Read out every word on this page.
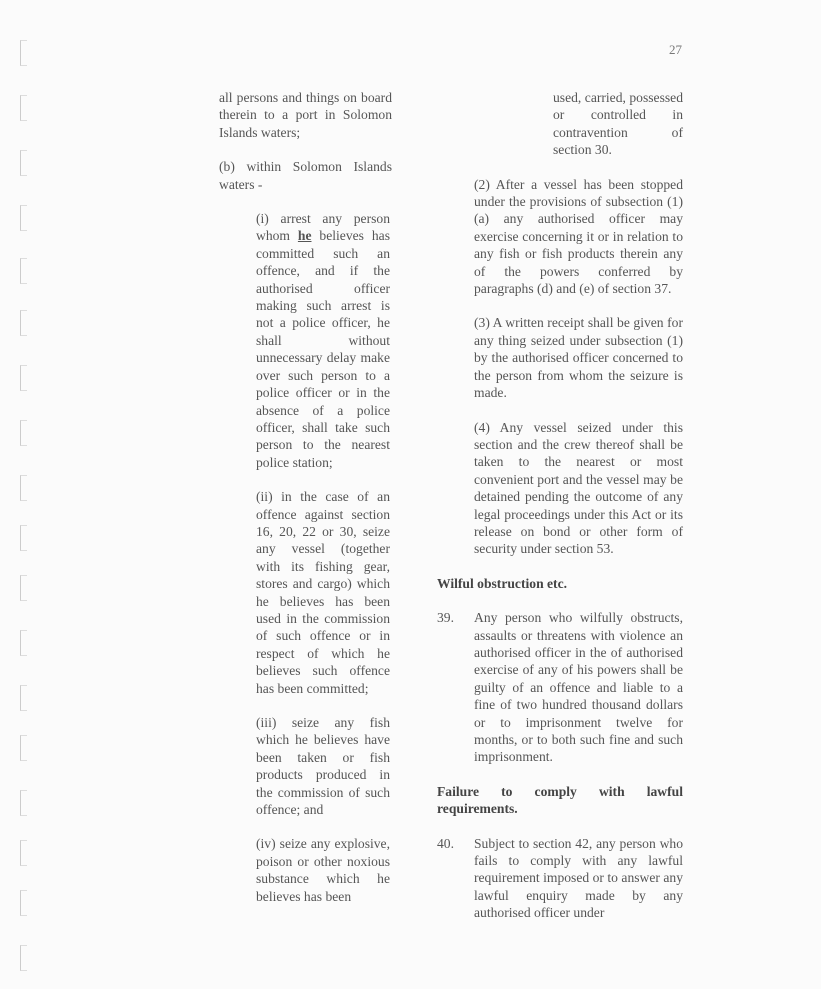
27

all persons and things on board therein to a port in Solomon Islands waters;

(b) within Solomon Islands waters -

(i) arrest any person whom he believes has committed such an offence, and if the authorised officer making such arrest is not a police officer, he shall without unnecessary delay make over such person to a police officer or in the absence of a police officer, shall take such person to the nearest police station;

(ii) in the case of an offence against section 16, 20, 22 or 30, seize any vessel (together with its fishing gear, stores and cargo) which he believes has been used in the commission of such offence or in respect of which he believes such offence has been committed;

(iii) seize any fish which he believes have been taken or fish products produced in the commission of such offence; and

(iv) seize any explosive, poison or other noxious substance which he believes has been

used, carried, possessed or controlled in contravention of section 30.

(2) After a vessel has been stopped under the provisions of subsection (1)(a) any authorised officer may exercise concerning it or in relation to any fish or fish products therein any of the powers conferred by paragraphs (d) and (e) of section 37.

(3) A written receipt shall be given for any thing seized under subsection (1) by the authorised officer concerned to the person from whom the seizure is made.

(4) Any vessel seized under this section and the crew thereof shall be taken to the nearest or most convenient port and the vessel may be detained pending the outcome of any legal proceedings under this Act or its release on bond or other form of security under section 53.

Wilful obstruction etc.

39.	Any person who wilfully obstructs, assaults or threatens with violence an authorised officer in the of authorised exercise of any of his powers shall be guilty of an offence and liable to a fine of two hundred thousand dollars or to imprisonment twelve for months, or to both such fine and such imprisonment.

Failure to comply with lawful requirements.

40.	Subject to section 42, any person who fails to comply with any lawful requirement imposed or to answer any lawful enquiry made by any authorised officer under
